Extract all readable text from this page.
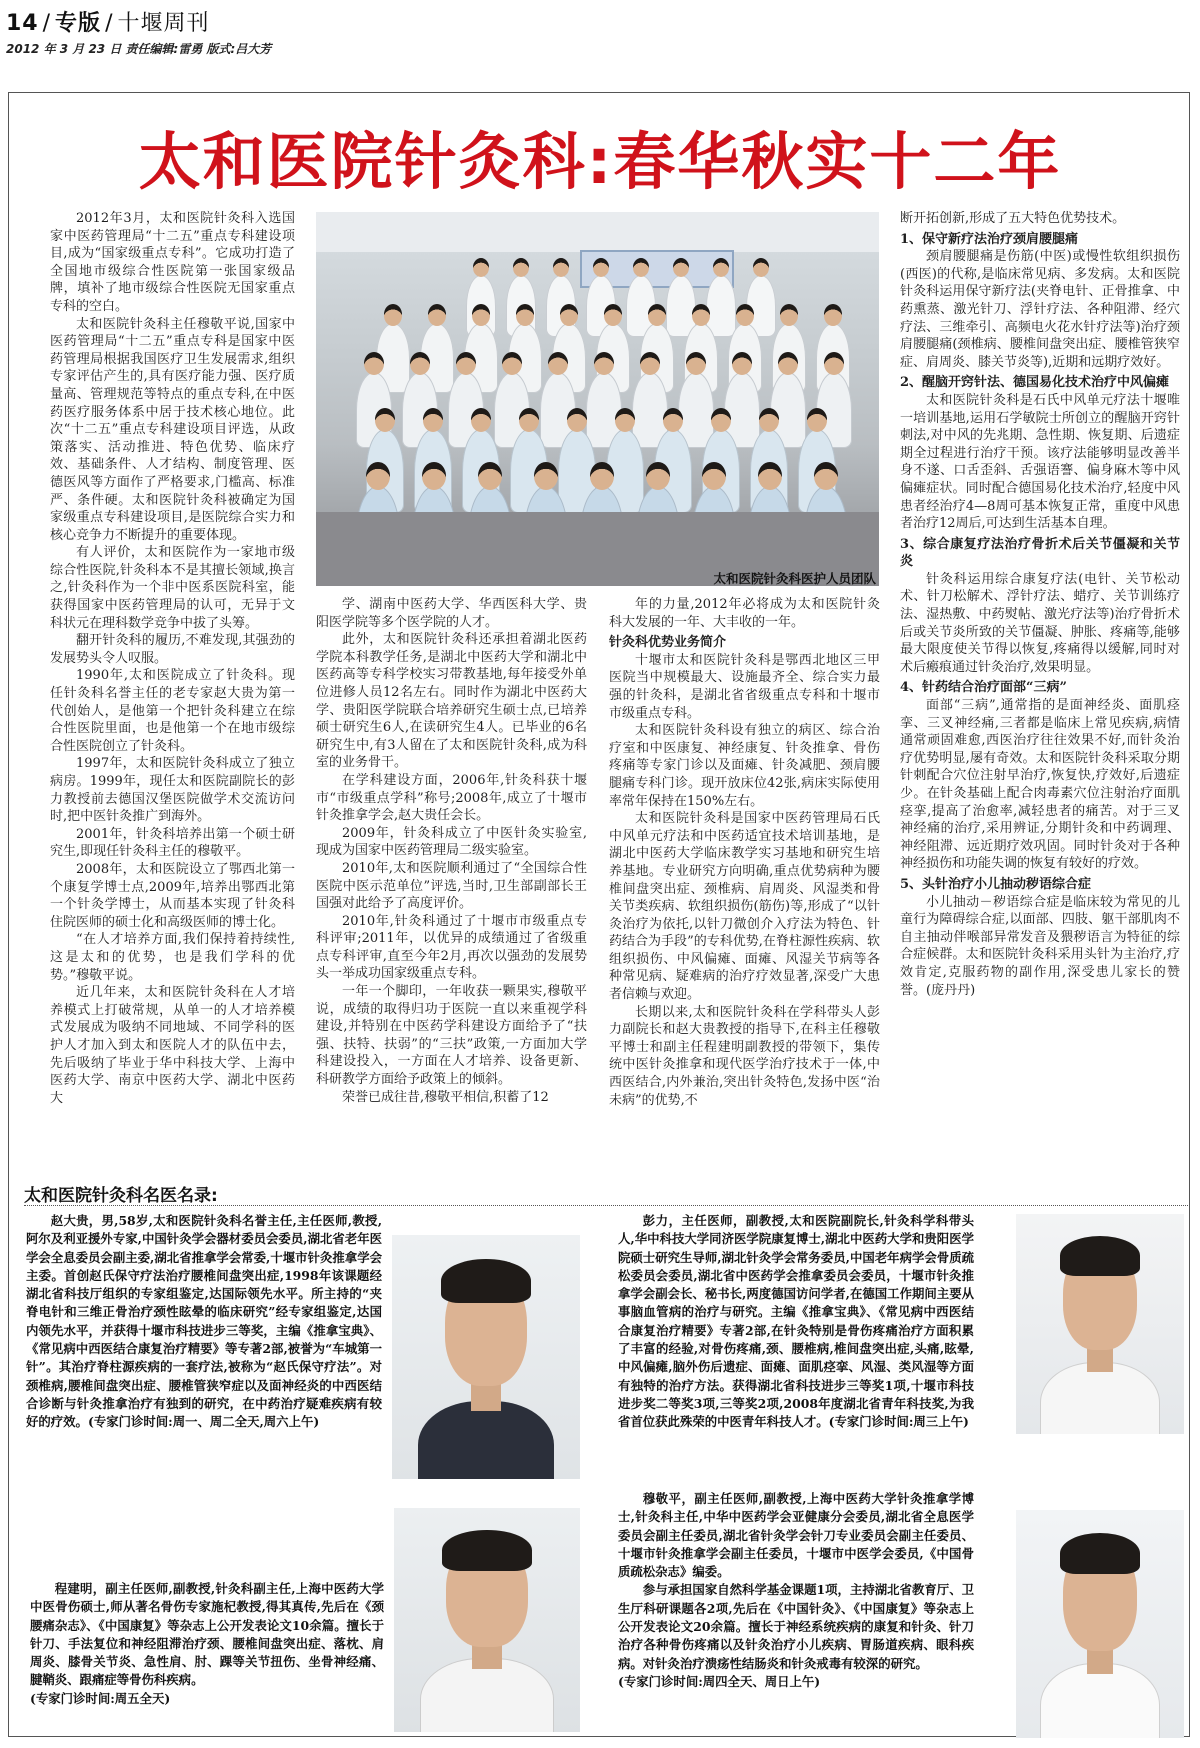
14 / 专版 / 十堰周刊
2012 年 3 月 23 日 责任编辑:雷勇 版式:吕大芳
太和医院针灸科:春华秋实十二年
太和医院针灸科医护人员团队

2012年3月，太和医院针灸科入选国家中医药管理局“十二五”重点专科建设项目,成为“国家级重点专科”。它成功打造了全国地市级综合性医院第一张国家级品牌，填补了地市级综合性医院无国家重点专科的空白。

太和医院针灸科主任穆敬平说,国家中医药管理局“十二五”重点专科是国家中医药管理局根据我国医疗卫生发展需求,组织专家评估产生的,具有医疗能力强、医疗质量高、管理规范等特点的重点专科,在中医药医疗服务体系中居于技术核心地位。此次“十二五”重点专科建设项目评选，从政策落实、活动推进、特色优势、临床疗效、基础条件、人才结构、制度管理、医德医风等方面作了严格要求,门槛高、标准严、条件硬。太和医院针灸科被确定为国家级重点专科建设项目,是医院综合实力和核心竞争力不断提升的重要体现。

有人评价，太和医院作为一家地市级综合性医院,针灸科本不是其擅长领域,换言之,针灸科作为一个非中医系医院科室，能获得国家中医药管理局的认可，无异于文科状元在理科数学竞争中拔了头筹。

翻开针灸科的履历,不难发现,其强劲的发展势头令人叹服。

1990年,太和医院成立了针灸科。现任针灸科名誉主任的老专家赵大贵为第一代创始人，是他第一个把针灸科建立在综合性医院里面，也是他第一个在地市级综合性医院创立了针灸科。

1997年，太和医院针灸科成立了独立病房。1999年，现任太和医院副院长的彭力教授前去德国汉堡医院做学术交流访问时,把中医针灸推广到海外。

2001年，针灸科培养出第一个硕士研究生,即现任针灸科主任的穆敬平。

2008年，太和医院设立了鄂西北第一个康复学博士点,2009年,培养出鄂西北第一个针灸学博士，从而基本实现了针灸科住院医师的硕士化和高级医师的博士化。

“在人才培养方面,我们保持着持续性,这是太和的优势，也是我们学科的优势。”穆敬平说。

近几年来，太和医院针灸科在人才培养模式上打破常规，从单一的人才培养模式发展成为吸纳不同地域、不同学科的医护人才加入到太和医院人才的队伍中去，先后吸纳了毕业于华中科技大学、上海中医药大学、南京中医药大学、湖北中医药大

学、湖南中医药大学、华西医科大学、贵阳医学院等多个医学院的人才。

此外，太和医院针灸科还承担着湖北医药学院本科教学任务,是湖北中医药大学和湖北中医药高等专科学校实习带教基地,每年接受外单位进修人员12名左右。同时作为湖北中医药大学、贵阳医学院联合培养研究生硕士点,已培养硕士研究生6人,在读研究生4人。已毕业的6名研究生中,有3人留在了太和医院针灸科,成为科室的业务骨干。

在学科建设方面，2006年,针灸科获十堰市“市级重点学科”称号;2008年,成立了十堰市针灸推拿学会,赵大贵任会长。

2009年，针灸科成立了中医针灸实验室,现成为国家中医药管理局二级实验室。

2010年,太和医院顺利通过了“全国综合性医院中医示范单位”评选,当时,卫生部副部长王国强对此给予了高度评价。

2010年,针灸科通过了十堰市市级重点专科评审;2011年，以优异的成绩通过了省级重点专科评审,直至今年2月,再次以强劲的发展势头一举成功国家级重点专科。

一年一个脚印，一年收获一颗果实,穆敬平说，成绩的取得归功于医院一直以来重视学科建设,并特别在中医药学科建设方面给予了“扶强、扶特、扶弱”的“三扶”政策,一方面加大学科建设投入，一方面在人才培养、设备更新、科研教学方面给予政策上的倾斜。

荣誉已成往昔,穆敬平相信,积蓄了12

年的力量,2012年必将成为太和医院针灸科大发展的一年、大丰收的一年。

针灸科优势业务简介

十堰市太和医院针灸科是鄂西北地区三甲医院当中规模最大、设施最齐全、综合实力最强的针灸科，是湖北省省级重点专科和十堰市市级重点专科。

太和医院针灸科设有独立的病区、综合治疗室和中医康复、神经康复、针灸推拿、骨伤疼痛等专家门诊以及面瘫、针灸减肥、颈肩腰腿痛专科门诊。现开放床位42张,病床实际使用率常年保持在150%左右。

太和医院针灸科是国家中医药管理局石氏中风单元疗法和中医药适宜技术培训基地，是湖北中医药大学临床教学实习基地和研究生培养基地。专业研究方向明确,重点优势病种为腰椎间盘突出症、颈椎病、肩周炎、风湿类和骨关节类疾病、软组织损伤(筋伤)等,形成了“以针灸治疗为依托,以针刀微创介入疗法为特色、针药结合为手段”的专科优势,在脊柱源性疾病、软组织损伤、中风偏瘫、面瘫、风湿关节病等各种常见病、疑难病的治疗疗效显著,深受广大患者信赖与欢迎。

长期以来,太和医院针灸科在学科带头人彭力副院长和赵大贵教授的指导下,在科主任穆敬平博士和副主任程建明副教授的带领下，集传统中医针灸推拿和现代医学治疗技术于一体,中西医结合,内外兼治,突出针灸特色,发扬中医“治未病”的优势,不

断开拓创新,形成了五大特色优势技术。

1、保守新疗法治疗颈肩腰腿痛

颈肩腰腿痛是伤筋(中医)或慢性软组织损伤(西医)的代称,是临床常见病、多发病。太和医院针灸科运用保守新疗法(夹脊电针、正骨推拿、中药熏蒸、激光针刀、浮针疗法、各种阻滞、经穴疗法、三维牵引、高频电火花水针疗法等)治疗颈肩腰腿痛(颈椎病、腰椎间盘突出症、腰椎管狭窄症、肩周炎、膝关节炎等),近期和远期疗效好。

2、醒脑开窍针法、德国易化技术治疗中风偏瘫

太和医院针灸科是石氏中风单元疗法十堰唯一培训基地,运用石学敏院士所创立的醒脑开窍针刺法,对中风的先兆期、急性期、恢复期、后遗症期全过程进行治疗干预。该疗法能够明显改善半身不遂、口舌歪斜、舌强语謇、偏身麻木等中风偏瘫症状。同时配合德国易化技术治疗,轻度中风患者经治疗4—8周可基本恢复正常，重度中风患者治疗12周后,可达到生活基本自理。

3、综合康复疗法治疗骨折术后关节僵凝和关节炎

针灸科运用综合康复疗法(电针、关节松动术、针刀松解术、浮针疗法、蜡疗、关节训练疗法、湿热敷、中药熨帖、激光疗法等)治疗骨折术后或关节炎所致的关节僵凝、肿胀、疼痛等,能够最大限度使关节得以恢复,疼痛得以缓解,同时对术后瘢痕通过针灸治疗,效果明显。

4、针药结合治疗面部“三病”

面部“三病”,通常指的是面神经炎、面肌痉挛、三叉神经痛,三者都是临床上常见疾病,病情通常顽固难愈,西医治疗往往效果不好,而针灸治疗优势明显,屡有奇效。太和医院针灸科采取分期针刺配合穴位注射早治疗,恢复快,疗效好,后遗症少。在针灸基础上配合肉毒素穴位注射治疗面肌痉挛,提高了治愈率,减轻患者的痛苦。对于三叉神经痛的治疗,采用辨证,分期针灸和中药调理、神经阻滞、远近期疗效巩固。同时针灸对于各种神经损伤和功能失调的恢复有较好的疗效。

5、头针治疗小儿抽动秽语综合症

小儿抽动－秽语综合症是临床较为常见的儿童行为障碍综合症,以面部、四肢、躯干部肌肉不自主抽动伴喉部异常发音及猥秽语言为特征的综合症候群。太和医院针灸科采用头针为主治疗,疗效肯定,克服药物的副作用,深受患儿家长的赞誉。(庞丹丹)

太和医院针灸科名医名录:

赵大贵，男,58岁,太和医院针灸科名誉主任,主任医师,教授,阿尔及利亚援外专家,中国针灸学会器材委员会委员,湖北省老年医学会全息委员会副主委,湖北省推拿学会常委,十堰市针灸推拿学会主委。首创赵氏保守疗法治疗腰椎间盘突出症,1998年该课题经湖北省科技厅组织的专家组鉴定,达国际领先水平。所主持的“夹脊电针和三维正骨治疗颈性眩晕的临床研究”经专家组鉴定,达国内领先水平，并获得十堰市科技进步三等奖，主编《推拿宝典》、《常见病中西医结合康复治疗精要》等专著2部,被誉为“车城第一针”。其治疗脊柱源疾病的一套疗法,被称为“赵氏保守疗法”。对颈椎病,腰椎间盘突出症、腰椎管狭窄症以及面神经炎的中西医结合诊断与针灸推拿治疗有独到的研究，在中药治疗疑难疾病有较好的疗效。(专家门诊时间:周一、周二全天,周六上午)

彭力，主任医师，副教授,太和医院副院长,针灸科学科带头人,华中科技大学同济医学院康复博士,湖北中医药大学和贵阳医学院硕士研究生导师,湖北针灸学会常务委员,中国老年病学会骨质疏松委员会委员,湖北省中医药学会推拿委员会委员，十堰市针灸推拿学会副会长、秘书长,两度德国访问学者,在德国工作期间主要从事脑血管病的治疗与研究。主编《推拿宝典》、《常见病中西医结合康复治疗精要》专著2部,在针灸特别是骨伤疼痛治疗方面积累了丰富的经验,对骨伤疼痛,颈、腰椎病,椎间盘突出症,头痛,眩晕,中风偏瘫,脑外伤后遗症、面瘫、面肌痉挛、风湿、类风湿等方面有独特的治疗方法。获得湖北省科技进步三等奖1项,十堰市科技进步奖二等奖3项,三等奖2项,2008年度湖北省青年科技奖,为我省首位获此殊荣的中医青年科技人才。(专家门诊时间:周三上午)

穆敬平，副主任医师,副教授,上海中医药大学针灸推拿学博士,针灸科主任,中华中医药学会亚健康分会委员,湖北省全息医学委员会副主任委员,湖北省针灸学会针刀专业委员会副主任委员、十堰市针灸推拿学会副主任委员，十堰市中医学会委员,《中国骨质疏松杂志》编委。

参与承担国家自然科学基金课题1项，主持湖北省教育厅、卫生厅科研课题各2项,先后在《中国针灸》、《中国康复》等杂志上公开发表论文20余篇。擅长于神经系统疾病的康复和针灸、针刀治疗各种骨伤疼痛以及针灸治疗小儿疾病、胃肠道疾病、眼科疾病。对针灸治疗溃疡性结肠炎和针灸戒毒有较深的研究。

(专家门诊时间:周四全天、周日上午)

程建明，副主任医师,副教授,针灸科副主任,上海中医药大学中医骨伤硕士,师从著名骨伤专家施杞教授,得其真传,先后在《颈腰痛杂志》、《中国康复》等杂志上公开发表论文10余篇。擅长于针刀、手法复位和神经阻滞治疗颈、腰椎间盘突出症、落枕、肩周炎、膝骨关节炎、急性肩、肘、踝等关节扭伤、坐骨神经痛、腱鞘炎、跟痛症等骨伤科疾病。

(专家门诊时间:周五全天)
